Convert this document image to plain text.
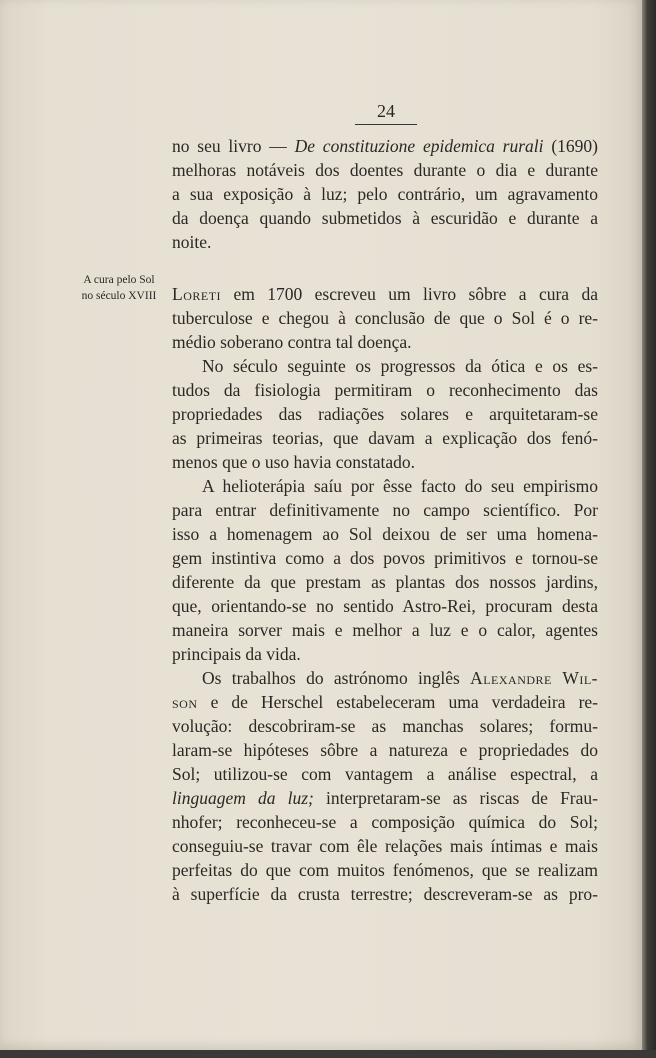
24
A cura pelo Sol no século XVIII
no seu livro — De constituzione epidemica rurali (1690)
melhoras notáveis dos doentes durante o dia e durante
a sua exposição à luz; pelo contrário, um agravamento
da doença quando submetidos à escuridão e durante a
noite.
Loreti em 1700 escreveu um livro sôbre a cura da
tuberculose e chegou à conclusão de que o Sol é o re-
médio soberano contra tal doença.
No século seguinte os progressos da ótica e os es-
tudos da fisiologia permitiram o reconhecimento das
propriedades das radiações solares e arquitetaram-se
as primeiras teorias, que davam a explicação dos fenó-
menos que o uso havia constatado.
A helioterápia saíu por êsse facto do seu empirismo
para entrar definitivamente no campo scientífico. Por
isso a homenagem ao Sol deixou de ser uma homena-
gem instintiva como a dos povos primitivos e tornou-se
diferente da que prestam as plantas dos nossos jardins,
que, orientando-se no sentido Astro-Rei, procuram desta
maneira sorver mais e melhor a luz e o calor, agentes
principais da vida.
Os trabalhos do astrónomo inglês Alexandre Wil-
son e de Herschel estabeleceram uma verdadeira re-
volução: descobriram-se as manchas solares; formu-
laram-se hipóteses sôbre a natureza e propriedades do
Sol; utilizou-se com vantagem a análise espectral, a
linguagem da luz; interpretaram-se as riscas de Frau-
nhofer; reconheceu-se a composição química do Sol;
conseguiu-se travar com êle relações mais íntimas e mais
perfeitas do que com muitos fenómenos, que se realizam
à superfície da crusta terrestre; descreveram-se as pro-
